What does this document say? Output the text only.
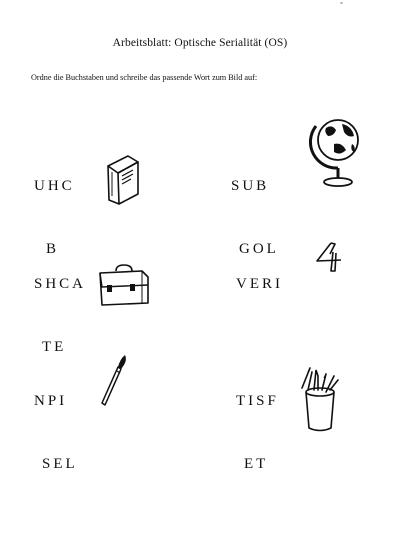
Arbeitsblatt: Optische Serialität (OS)
Ordne die Buchstaben und schreibe das passende Wort zum Bild auf:

UHC

B

SUB

GOL

SHCA

TE

VERI

NPI

SEL

TISF

ET
